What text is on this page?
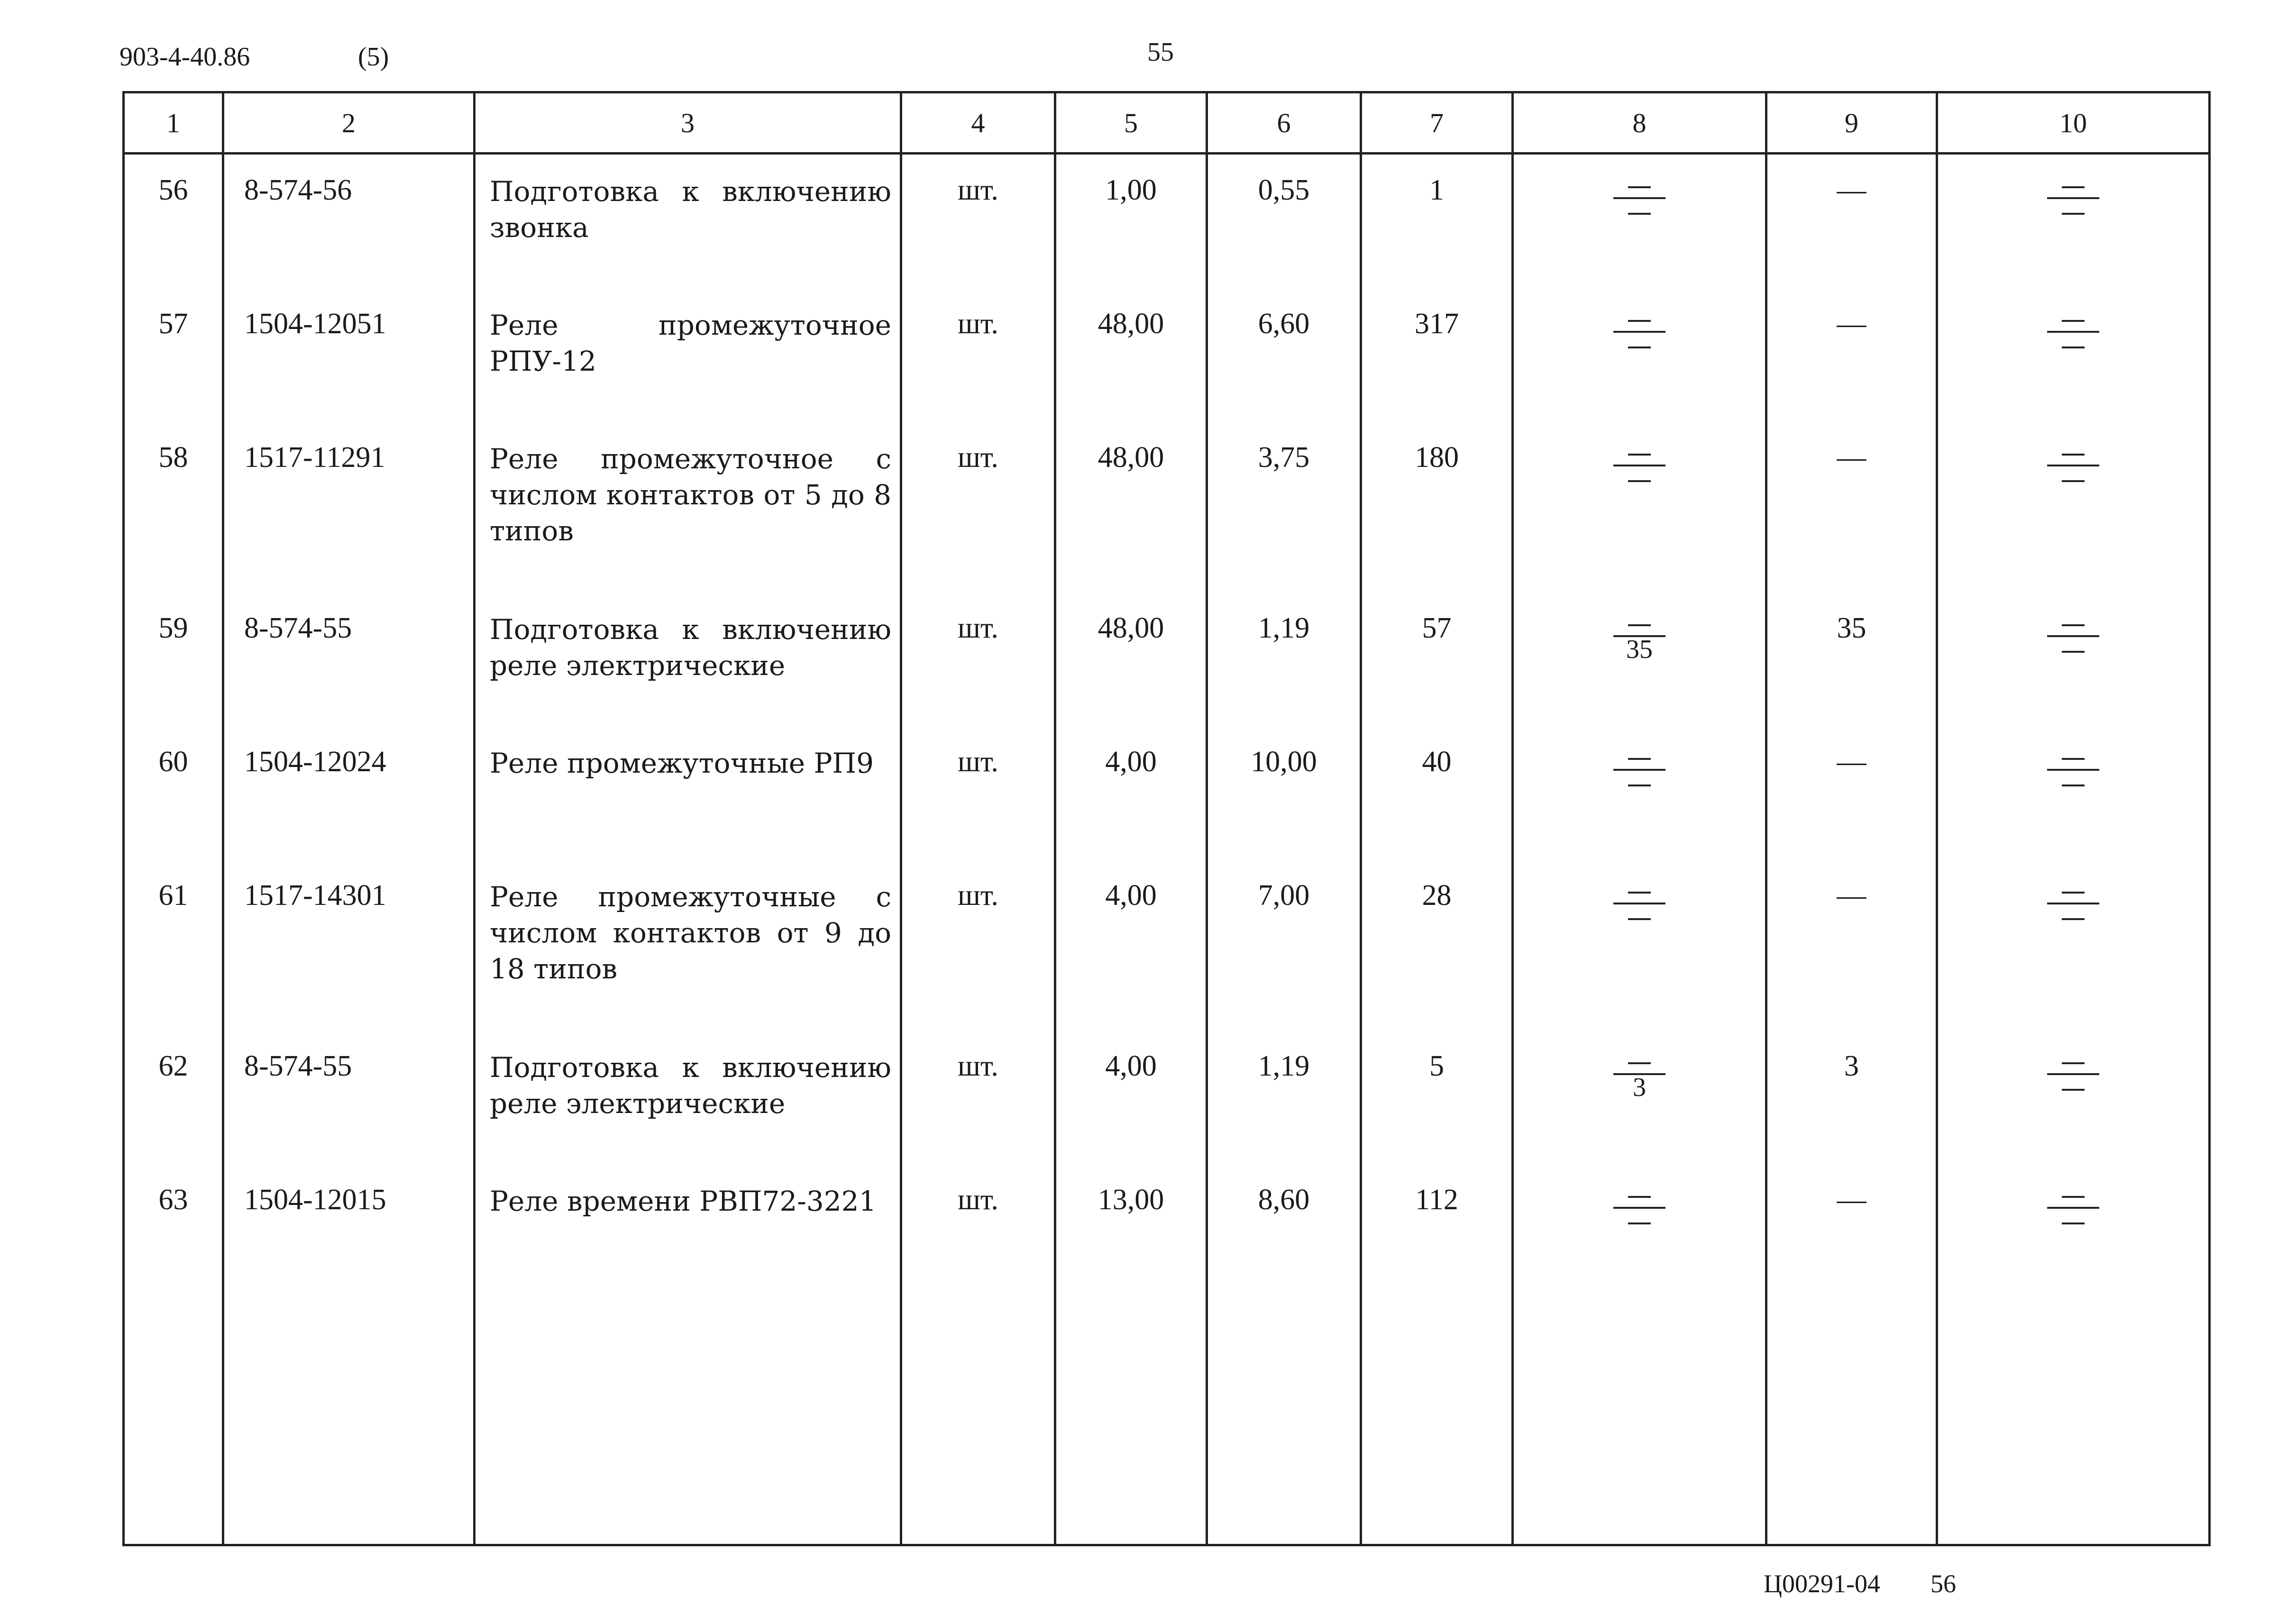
903-4-40.86	(5)	55
1	2	3	4	5	6	7	8	9	10
56	8-574-56	Подготовка к включению звонка	шт.	1,00	0,55	1		—	

57	1504-12051	Реле промежуточное РПУ-12	шт.	48,00	6,60	317		—	

58	1517-11291	Реле промежуточное с числом контактов от 5 до 8 типов	шт.	48,00	3,75	180		—	

59	8-574-55	Подготовка к включению реле электрические	шт.	48,00	1,19	57	35	35	

60	1504-12024	Реле промежуточные РП9	шт.	4,00	10,00	40		—	

61	1517-14301	Реле промежуточные с числом контактов от 9 до 18 типов	шт.	4,00	7,00	28		—	

62	8-574-55	Подготовка к включению реле электрические	шт.	4,00	1,19	5	3	3	

63	1504-12015	Реле времени РВП72-3221	шт.	13,00	8,60	112		—	

Ц00291-04 56
